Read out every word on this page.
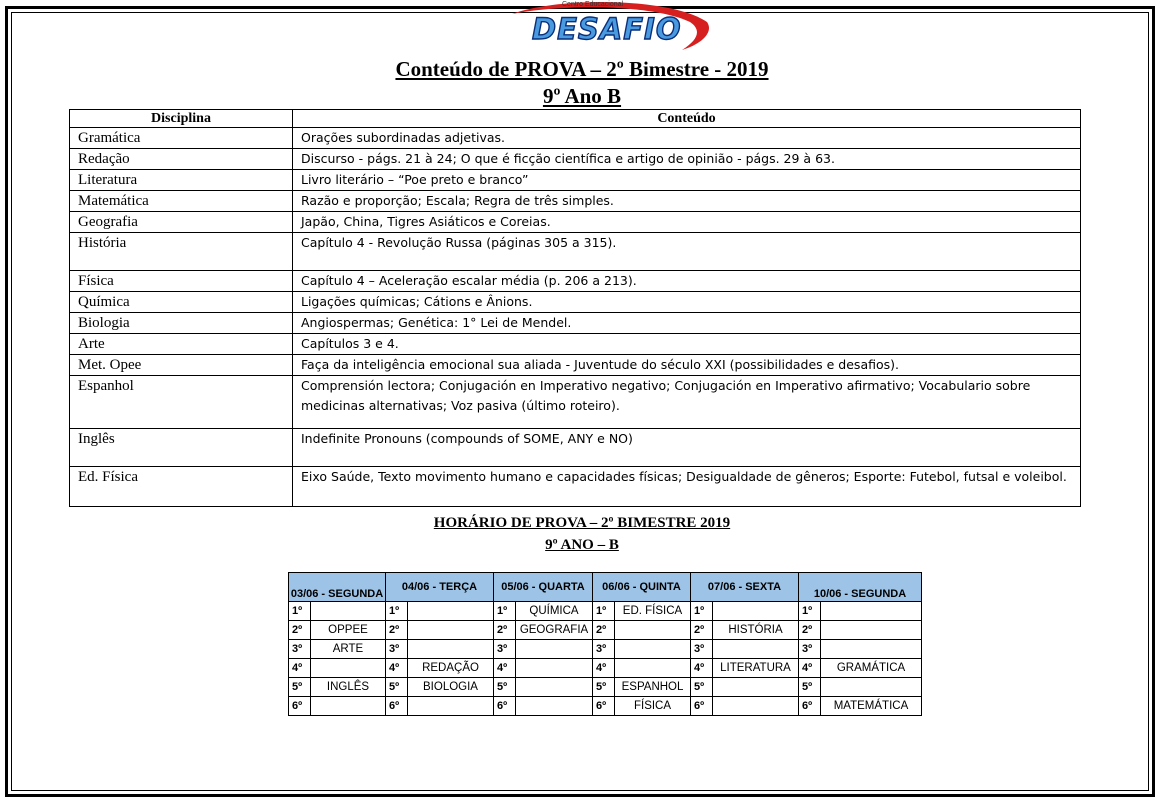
Centro Educacional
DESAFIO
Conteúdo de PROVA – 2º Bimestre - 2019
9º Ano B
Disciplina	Conteúdo
Gramática	Orações subordinadas adjetivas.
Redação	Discurso - págs. 21 à 24; O que é ficção científica e artigo de opinião - págs. 29 à 63.
Literatura	Livro literário – “Poe preto e branco”
Matemática	Razão e proporção; Escala; Regra de três simples.
Geografia	Japão, China, Tigres Asiáticos e Coreias.
História	Capítulo 4 - Revolução Russa (páginas 305 a 315).
Física	Capítulo 4 – Aceleração escalar média (p. 206 a 213).
Química	Ligações químicas; Cátions e Ânions.
Biologia	Angiospermas; Genética: 1° Lei de Mendel.
Arte	Capítulos 3 e 4.
Met. Opee	Faça da inteligência emocional sua aliada - Juventude do século XXI (possibilidades e desafios).
Espanhol	Comprensión lectora; Conjugación en Imperativo negativo; Conjugación en Imperativo afirmativo; Vocabulario sobre medicinas alternativas; Voz pasiva (último roteiro).
Inglês	Indefinite Pronouns (compounds of SOME, ANY e NO)
Ed. Física	Eixo Saúde, Texto movimento humano e capacidades físicas; Desigualdade de gêneros; Esporte: Futebol, futsal e voleibol.
HORÁRIO DE PROVA – 2º BIMESTRE 2019
9º ANO – B
03/06 - SEGUNDA		04/06 - TERÇA		05/06 - QUARTA		06/06 - QUINTA		07/06 - SEXTA		10/06 - SEGUNDA	
1º		1º		1º	QUÍMICA	1º	ED. FÍSICA	1º		1º	
2º	OPPEE	2º		2º	GEOGRAFIA	2º		2º	HISTÓRIA	2º	
3º	ARTE	3º		3º		3º		3º		3º	
4º		4º	REDAÇÃO	4º		4º		4º	LITERATURA	4º	GRAMÁTICA
5º	INGLÊS	5º	BIOLOGIA	5º		5º	ESPANHOL	5º		5º	
6º		6º		6º		6º	FÍSICA	6º		6º	MATEMÁTICA
